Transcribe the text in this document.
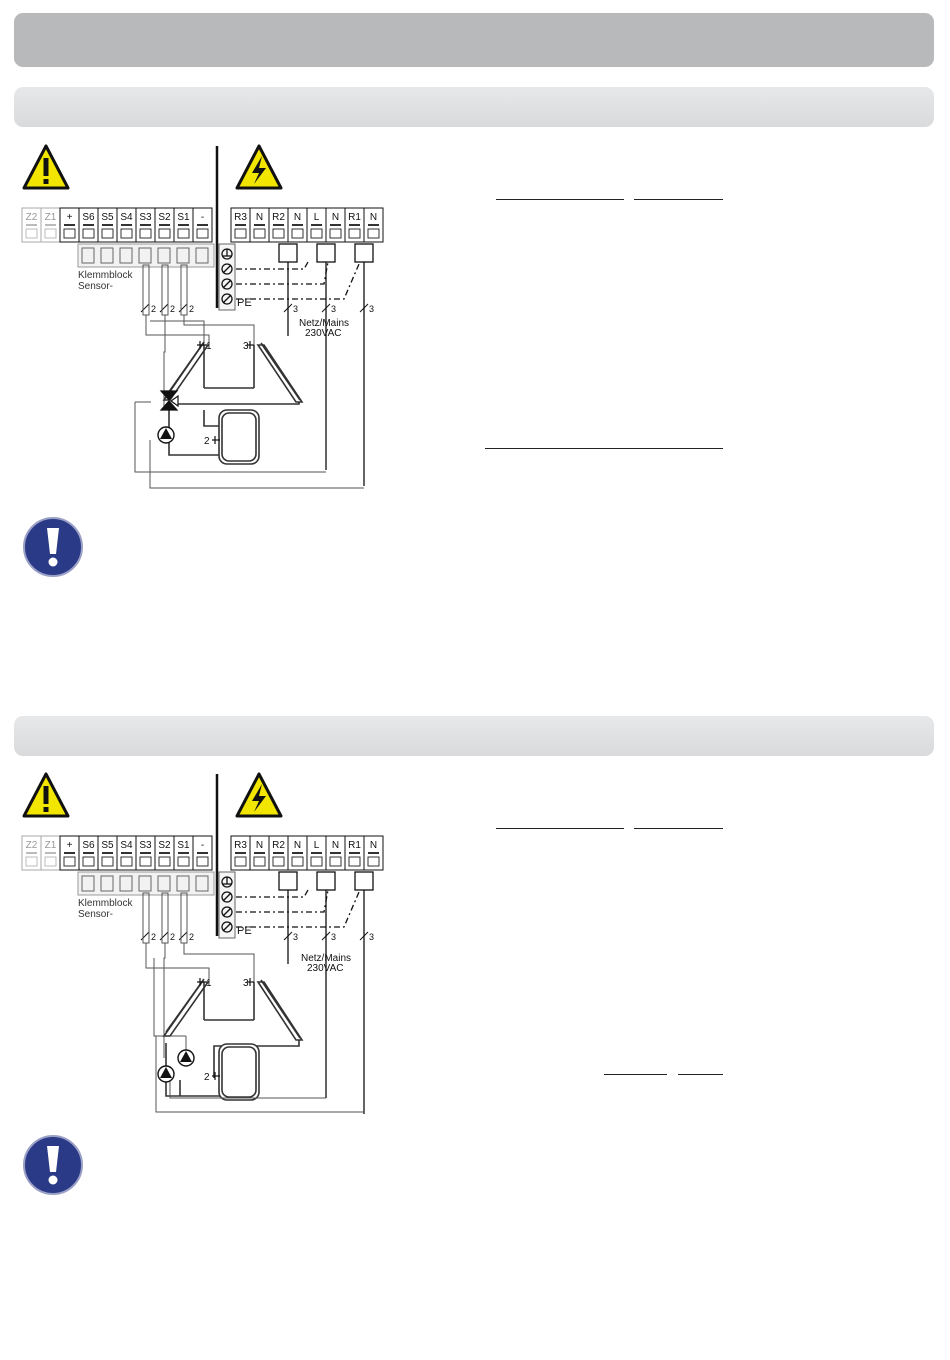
Z2 Z1 + S6 S5 S4 S3 S2 S1 -	R3 N R2 N L N R1 N
Klemmblock
Sensor-
PE	3	3	3
Netz/Mains
230VAC
2 2 2
1	3
2
Z2 Z1 + S6 S5 S4 S3 S2 S1 -	R3 N R2 N L N R1 N
Klemmblock
Sensor-
PE	3	3	3
Netz/Mains
230VAC
2 2 2
1	3
2
